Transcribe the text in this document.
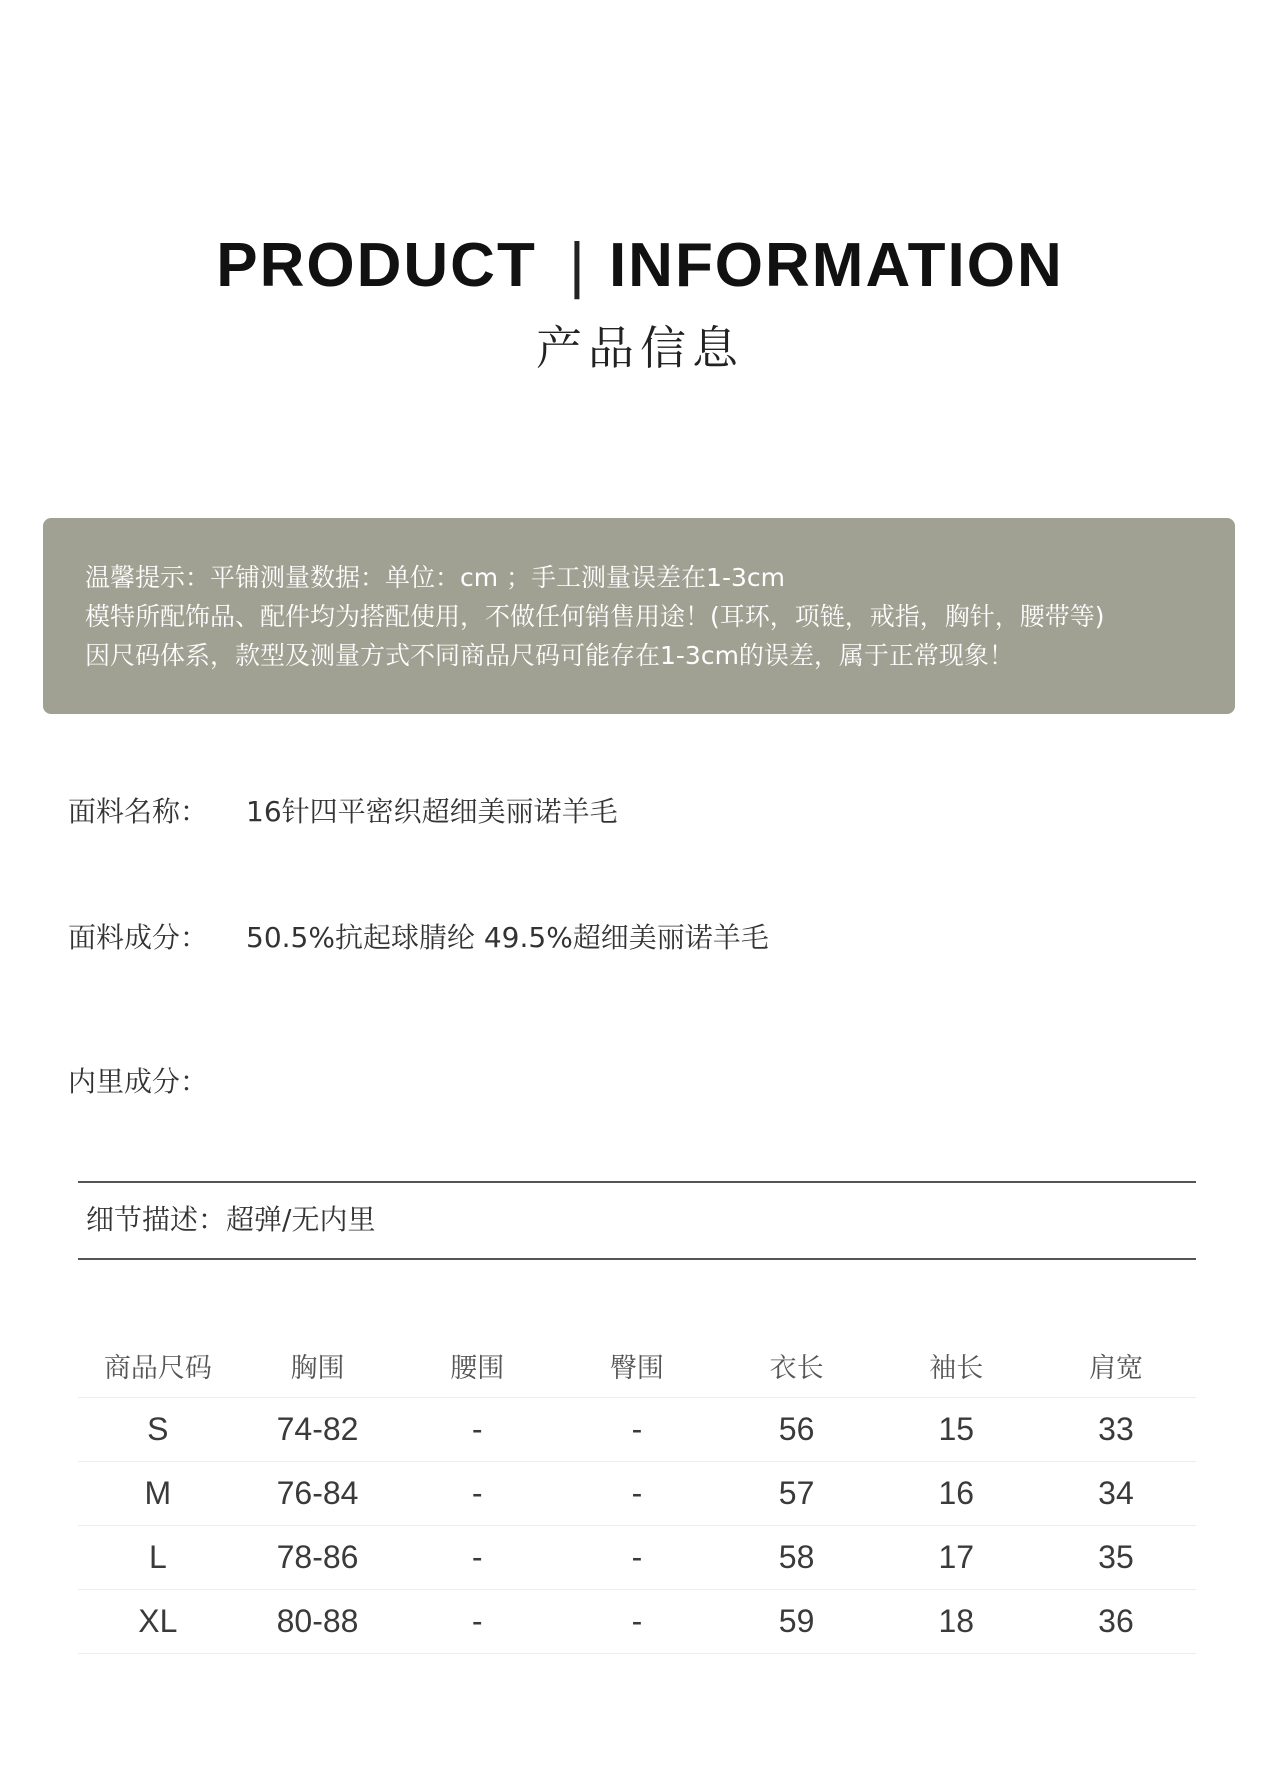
PRODUCT | INFORMATION
产品信息
温馨提示：平铺测量数据：单位：cm ；手工测量误差在1-3cm
模特所配饰品、配件均为搭配使用，不做任何销售用途！(耳环，项链，戒指，胸针，腰带等)
因尺码体系，款型及测量方式不同商品尺码可能存在1-3cm的误差，属于正常现象！
面料名称： 16针四平密织超细美丽诺羊毛
面料成分： 50.5%抗起球腈纶 49.5%超细美丽诺羊毛
内里成分：
细节描述：超弹/无内里
商品尺码	胸围	腰围	臀围	衣长	袖长	肩宽
S	74-82	-	-	56	15	33
M	76-84	-	-	57	16	34
L	78-86	-	-	58	17	35
XL	80-88	-	-	59	18	36
